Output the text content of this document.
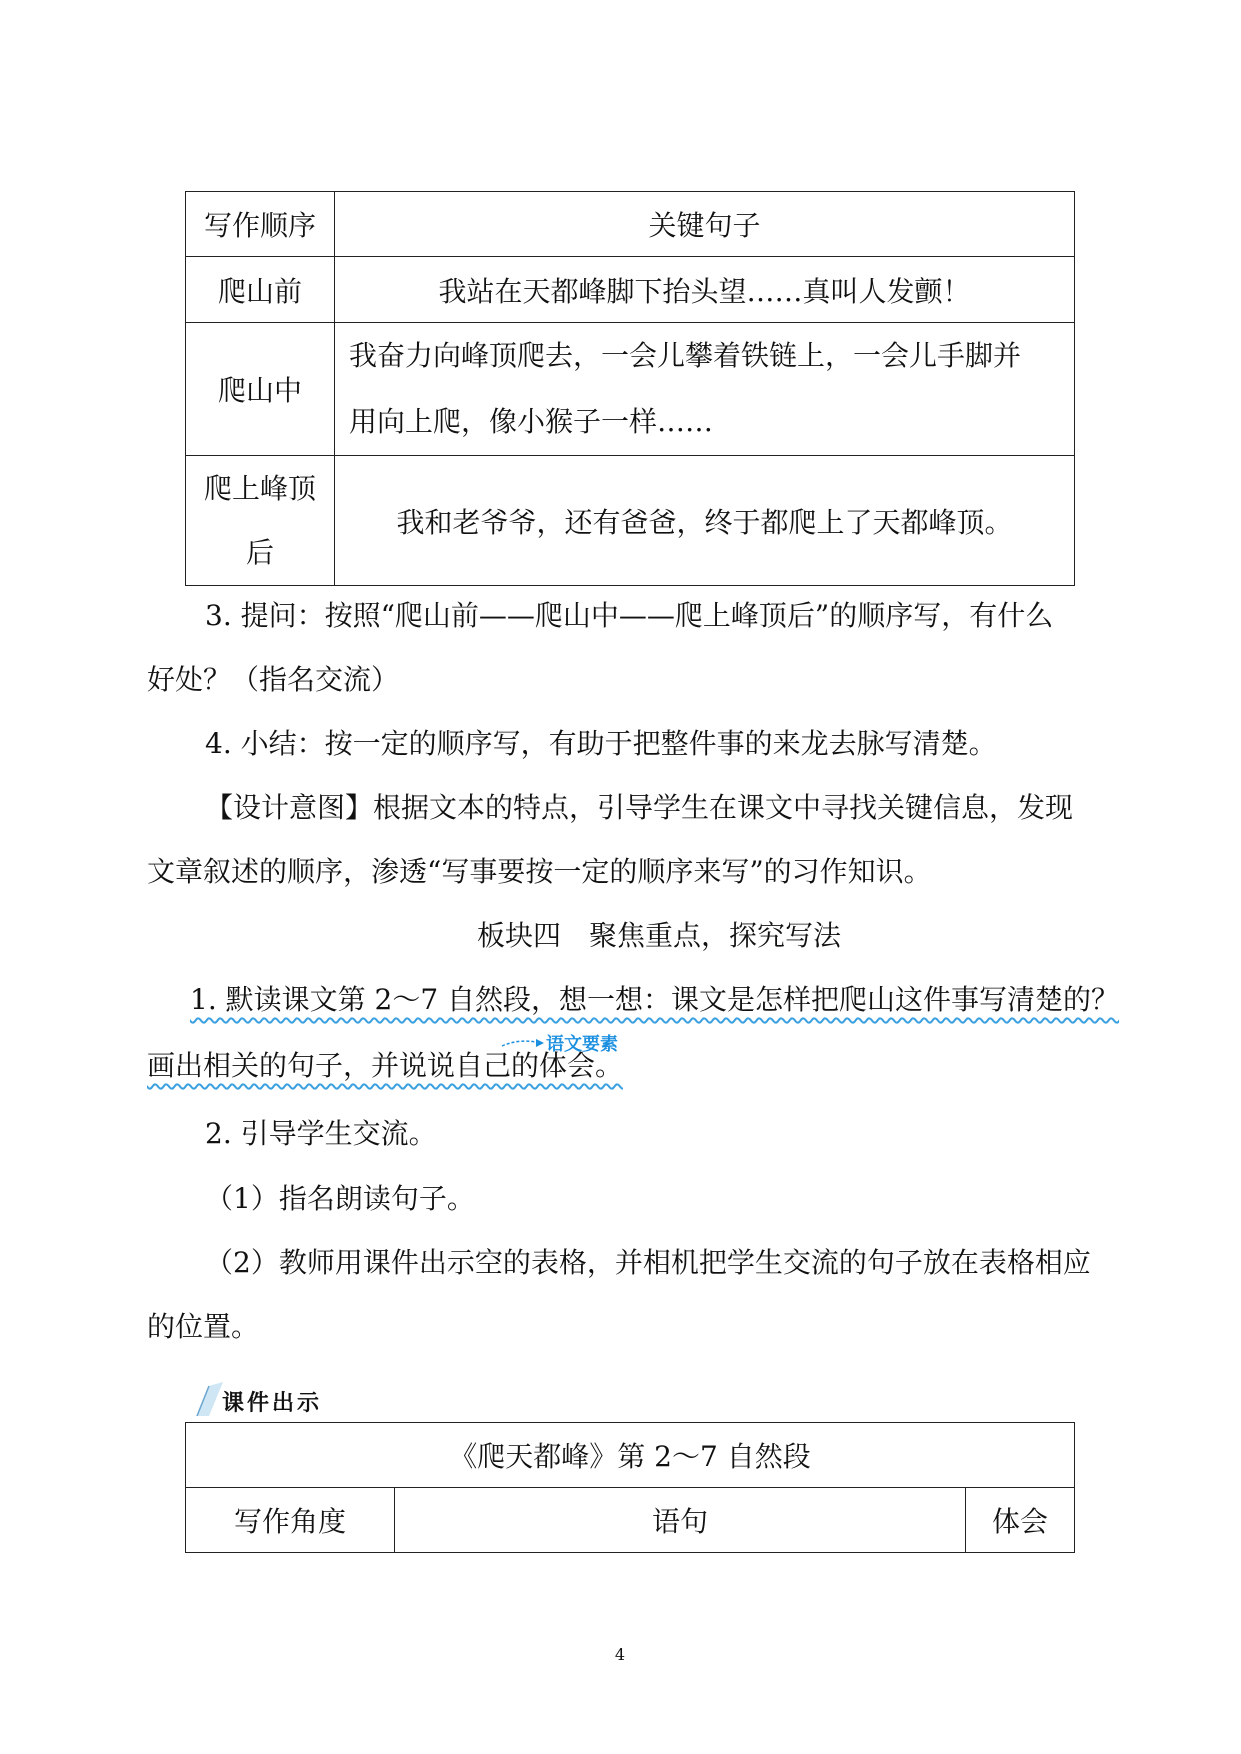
写作顺序	关键句子
爬山前	我站在天都峰脚下抬头望……真叫人发颤！
爬山中	我奋力向峰顶爬去，一会儿攀着铁链上，一会儿手脚并
用向上爬，像小猴子一样……

爬上峰顶
后	我和老爷爷，还有爸爸，终于都爬上了天都峰顶。
3. 提问：按照“爬山前——爬山中——爬上峰顶后”的顺序写，有什么
好处？（指名交流）
4. 小结：按一定的顺序写，有助于把整件事的来龙去脉写清楚。
【设计意图】根据文本的特点，引导学生在课文中寻找关键信息，发现
文章叙述的顺序，渗透“写事要按一定的顺序来写”的习作知识。
板块四　聚焦重点，探究写法
1. 默读课文第 2～7 自然段，想一想：课文是怎样把爬山这件事写清楚的？
画出相关的句子，并说说自己的体会。
语文要素
2. 引导学生交流。
（1）指名朗读句子。
（2）教师用课件出示空的表格，并相机把学生交流的句子放在表格相应
的位置。
课件出示
《爬天都峰》第 2～7 自然段
写作角度	语句	体会
4
